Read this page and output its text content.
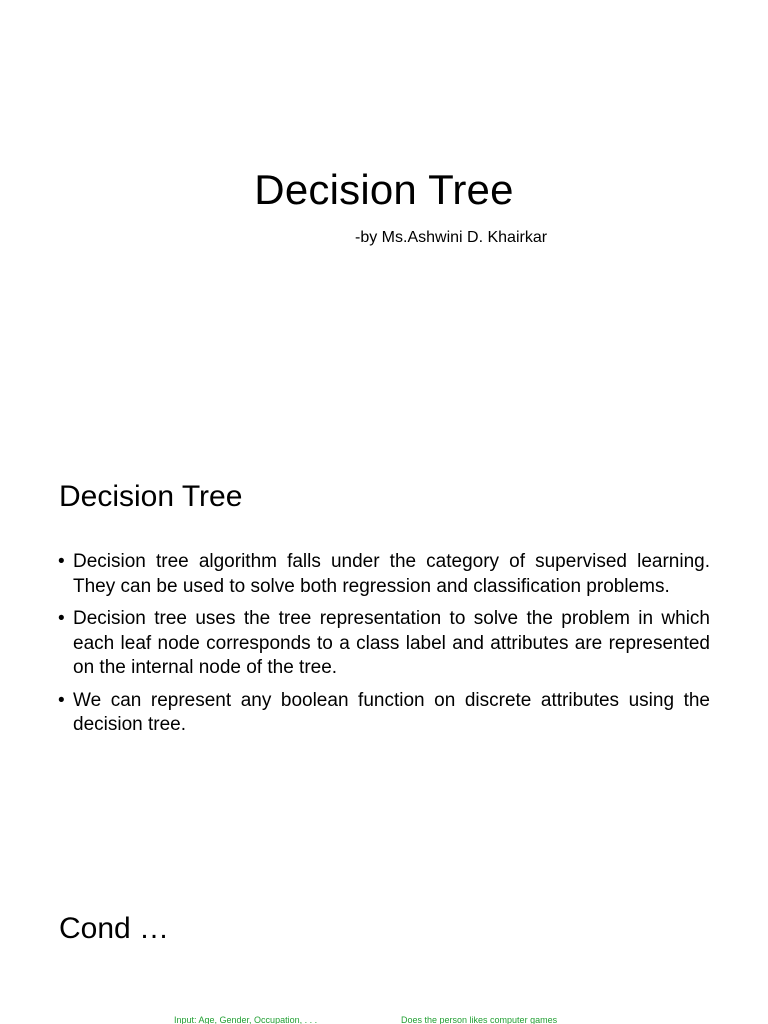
Decision Tree
-by Ms.Ashwini D. Khairkar
Decision Tree
• Decision tree algorithm falls under the category of supervised learning. They can be used to solve both regression and classification problems.
• Decision tree uses the tree representation to solve the problem in which each leaf node corresponds to a class label and attributes are represented on the internal node of the tree.
• We can represent any boolean function on discrete attributes using the decision tree.
Cond …
Input: Age, Gender, Occupation, . . .	Does the person likes computer games
